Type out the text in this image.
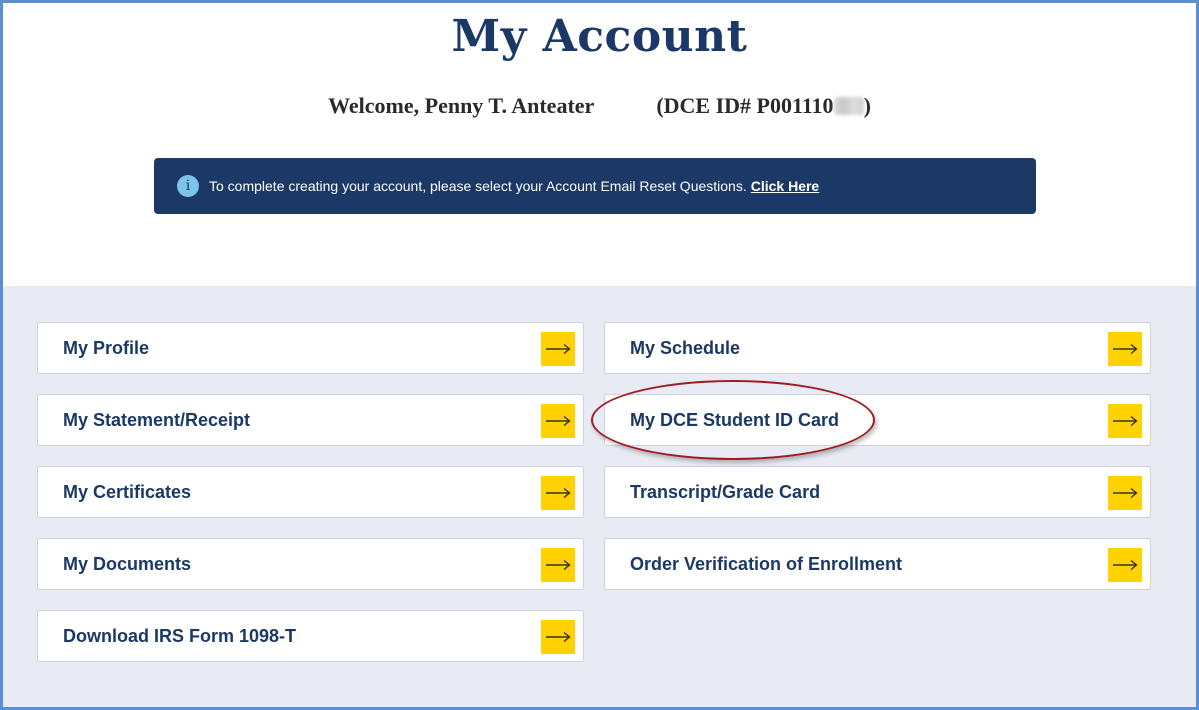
My Account
Welcome, Penny T. Anteater	(DCE ID# P001110 )
i	To complete creating your account, please select your Account Email Reset Questions. Click Here
My Profile
My Statement/Receipt
My Certificates
My Documents
Download IRS Form 1098-T
My Schedule
My DCE Student ID Card
Transcript/Grade Card
Order Verification of Enrollment
